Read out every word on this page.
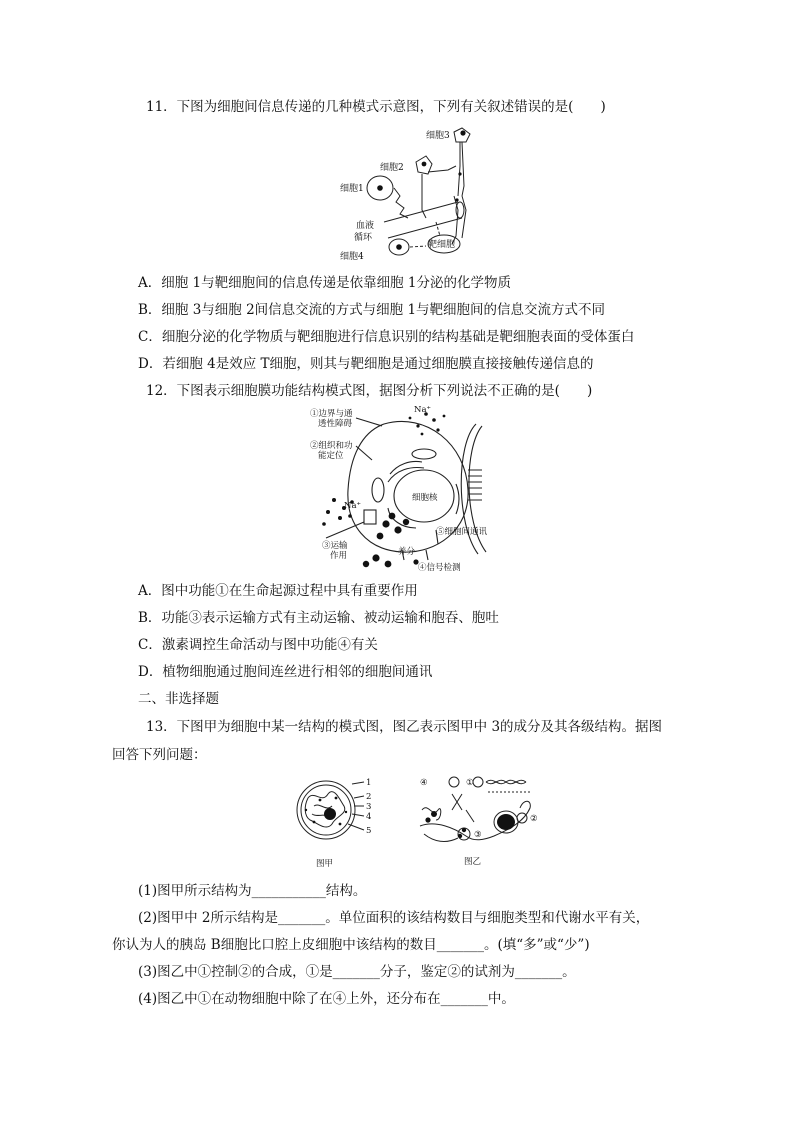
11．下图为细胞间信息传递的几种模式示意图，下列有关叙述错误的是(　　)
细胞3
细胞2
细胞1
血液
循环
细胞4
靶细胞
A．细胞 1与靶细胞间的信息传递是依靠细胞 1分泌的化学物质
B．细胞 3与细胞 2间信息交流的方式与细胞 1与靶细胞间的信息交流方式不同
C．细胞分泌的化学物质与靶细胞进行信息识别的结构基础是靶细胞表面的受体蛋白
D．若细胞 4是效应 T细胞，则其与靶细胞是通过细胞膜直接接触传递信息的
12．下图表示细胞膜功能结构模式图，据图分析下列说法不正确的是(　　)
①边界与通
透性障碍
Na⁺
②组织和功
能定位
Na⁺
细胞核
⑤细胞间通讯
③运输
作用	养分
④信号检测
A．图中功能①在生命起源过程中具有重要作用
B．功能③表示运输方式有主动运输、被动运输和胞吞、胞吐
C．激素调控生命活动与图中功能④有关
D．植物细胞通过胞间连丝进行相邻的细胞间通讯
二、非选择题
13．下图甲为细胞中某一结构的模式图，图乙表示图甲中 3的成分及其各级结构。据图
回答下列问题：
1
2
3
4
5
图甲
④	①
②
③
图乙
(1)图甲所示结构为___________结构。
(2)图甲中 2所示结构是_______。单位面积的该结构数目与细胞类型和代谢水平有关，
你认为人的胰岛 B细胞比口腔上皮细胞中该结构的数目_______。(填“多”或“少”)
(3)图乙中①控制②的合成，①是_______分子，鉴定②的试剂为_______。
(4)图乙中①在动物细胞中除了在④上外，还分布在_______中。
